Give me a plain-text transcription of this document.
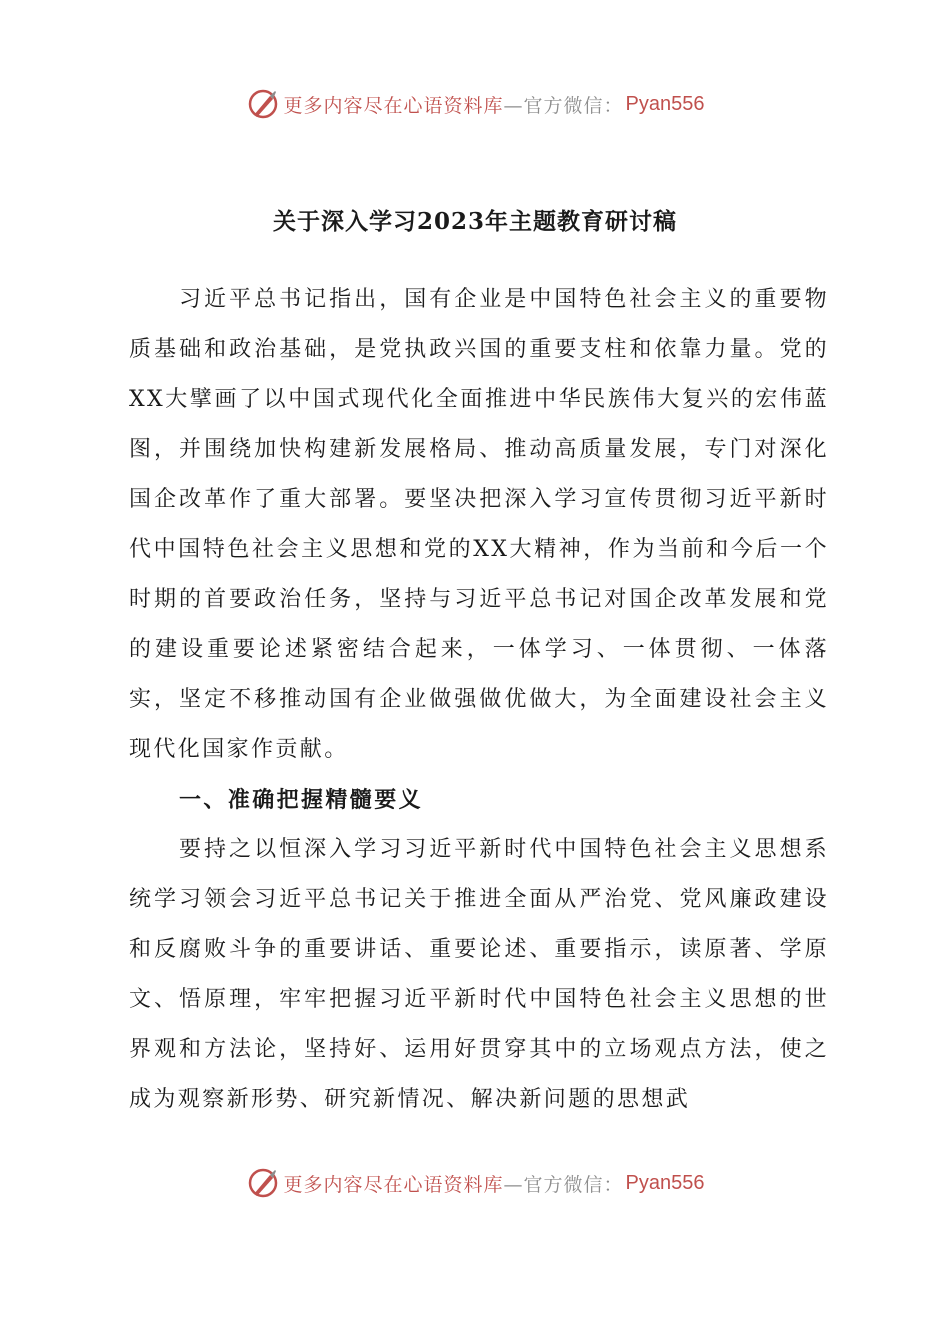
更多内容尽在心语资料库 —官方微信： Pyan556
关于深入学习2023年主题教育研讨稿

习近平总书记指出，国有企业是中国特色社会主义的重要物质基础和政治基础，是党执政兴国的重要支柱和依靠力量。党的XX大擘画了以中国式现代化全面推进中华民族伟大复兴的宏伟蓝图，并围绕加快构建新发展格局、推动高质量发展，专门对深化国企改革作了重大部署。要坚决把深入学习宣传贯彻习近平新时代中国特色社会主义思想和党的XX大精神，作为当前和今后一个时期的首要政治任务，坚持与习近平总书记对国企改革发展和党的建设重要论述紧密结合起来，一体学习、一体贯彻、一体落实，坚定不移推动国有企业做强做优做大，为全面建设社会主义现代化国家作贡献。

一、准确把握精髓要义

要持之以恒深入学习习近平新时代中国特色社会主义思想系统学习领会习近平总书记关于推进全面从严治党、党风廉政建设和反腐败斗争的重要讲话、重要论述、重要指示，读原著、学原文、悟原理，牢牢把握习近平新时代中国特色社会主义思想的世界观和方法论，坚持好、运用好贯穿其中的立场观点方法，使之成为观察新形势、研究新情况、解决新问题的思想武

更多内容尽在心语资料库 —官方微信： Pyan556
